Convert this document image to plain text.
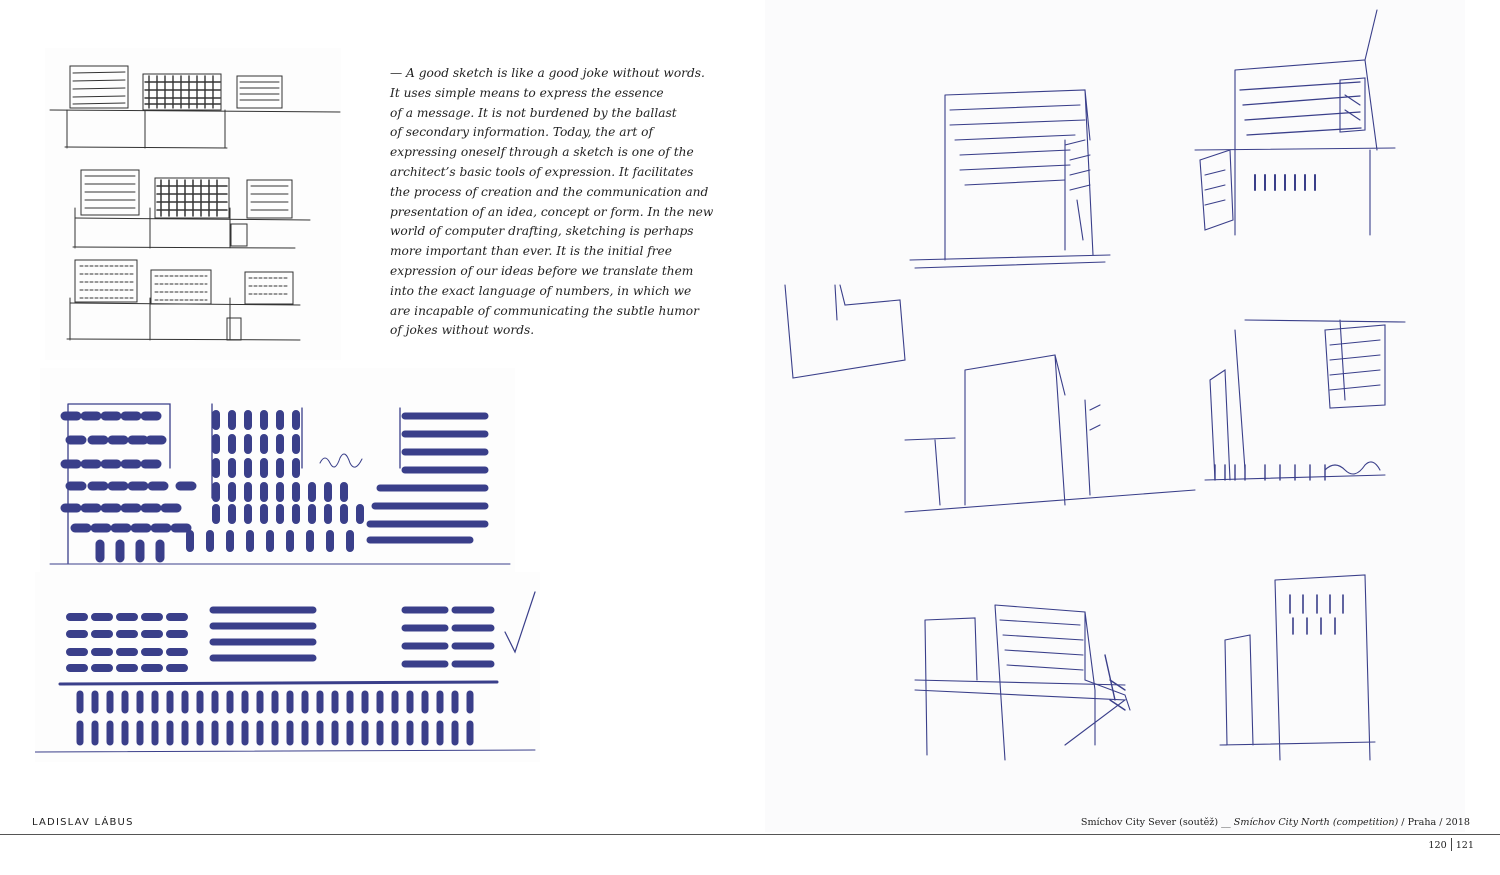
— A good sketch is like a good joke without words.
It uses simple means to express the essence
of a message. It is not burdened by the ballast
of secondary information. Today, the art of
expressing oneself through a sketch is one of the
architect’s basic tools of expression. It facilitates
the process of creation and the communication and
presentation of an idea, concept or form. In the new
world of computer drafting, sketching is perhaps
more important than ever. It is the initial free
expression of our ideas before we translate them
into the exact language of numbers, in which we
are incapable of communicating the subtle humor
of jokes without words.
LADISLAV LÁBUS	Smíchov City Sever (soutěž) __ Smíchov City North (competition) / Praha / 2018
120 121
